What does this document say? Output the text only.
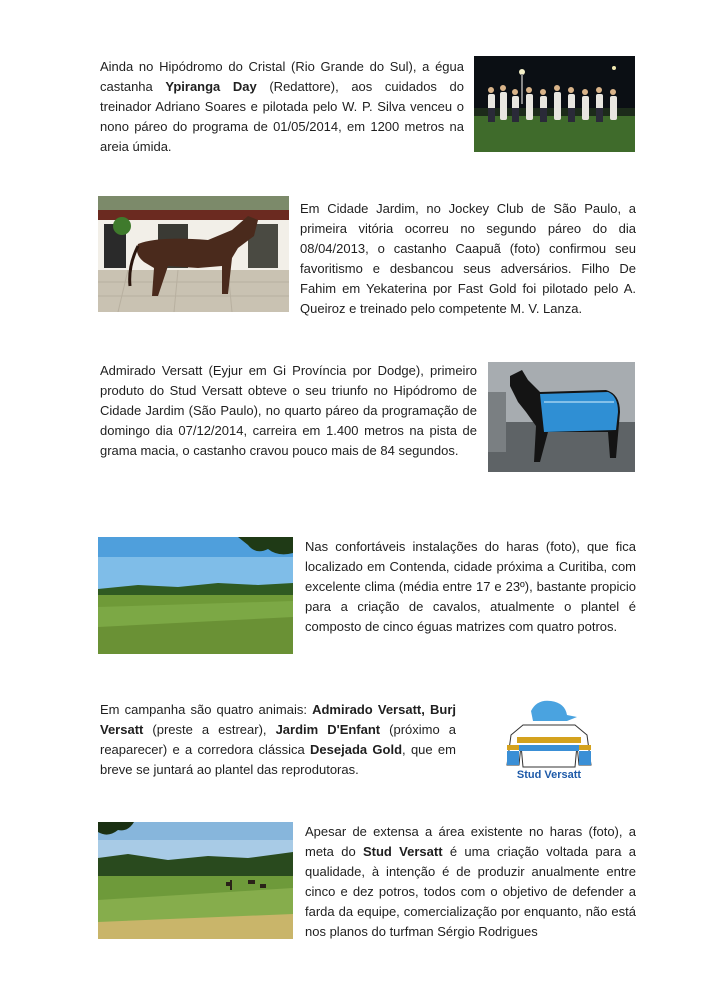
Ainda no Hipódromo do Cristal (Rio Grande do Sul), a égua castanha Ypiranga Day (Redattore), aos cuidados do treinador Adriano Soares e pilotada pelo W. P. Silva venceu o nono páreo do programa de 01/05/2014, em 1200 metros na areia úmida.

Em Cidade Jardim, no Jockey Club de São Paulo, a primeira vitória ocorreu no segundo páreo do dia 08/04/2013, o castanho Caapuã (foto) confirmou seu favoritismo e desbancou seus adversários. Filho De Fahim em Yekaterina por Fast Gold foi pilotado pelo A. Queiroz e treinado pelo competente M. V. Lanza.

Admirado Versatt (Eyjur em Gi Província por Dodge), primeiro produto do Stud Versatt obteve o seu triunfo no Hipódromo de Cidade Jardim (São Paulo), no quarto páreo da programação de domingo dia 07/12/2014, carreira em 1.400 metros na pista de grama macia, o castanho cravou pouco mais de 84 segundos.

Nas confortáveis instalações do haras (foto), que fica localizado em Contenda, cidade próxima a Curitiba, com excelente clima (média entre 17 e 23º), bastante propicio para a criação de cavalos, atualmente o plantel é composto de cinco éguas matrizes com quatro potros.

Em campanha são quatro animais: Admirado Versatt, Burj Versatt (preste a estrear), Jardim D'Enfant (próximo a reaparecer) e a corredora clássica Desejada Gold, que em breve se juntará ao plantel das reprodutoras.	Stud Versatt

Apesar de extensa a área existente no haras (foto), a meta do Stud Versatt é uma criação voltada para a qualidade, à intenção é de produzir anualmente entre cinco e dez potros, todos com o objetivo de defender a farda da equipe, comercialização por enquanto, não está nos planos do turfman Sérgio Rodrigues
